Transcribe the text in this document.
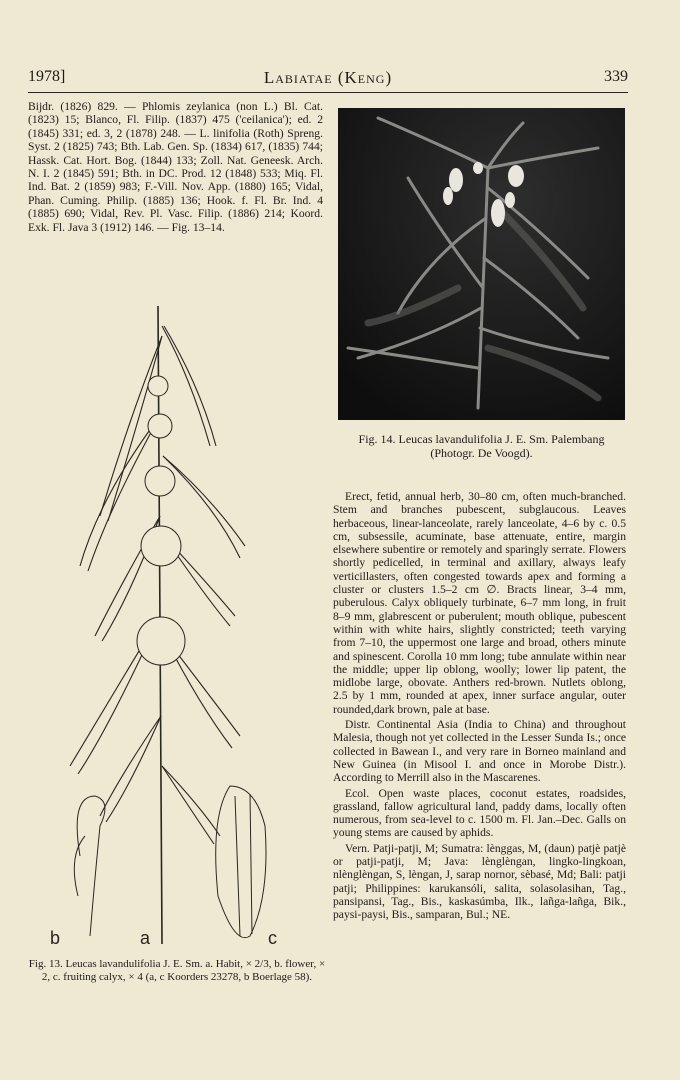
1978]	Labiatae (Keng)	339

Bijdr. (1826) 829. — Phlomis zeylanica (non L.) Bl. Cat. (1823) 15; Blanco, Fl. Filip. (1837) 475 ('ceilanica'); ed. 2 (1845) 331; ed. 3, 2 (1878) 248. — L. linifolia (Roth) Spreng. Syst. 2 (1825) 743; Bth. Lab. Gen. Sp. (1834) 617, (1835) 744; Hassk. Cat. Hort. Bog. (1844) 133; Zoll. Nat. Geneesk. Arch. N. I. 2 (1845) 591; Bth. in DC. Prod. 12 (1848) 533; Miq. Fl. Ind. Bat. 2 (1859) 983; F.-Vill. Nov. App. (1880) 165; Vidal, Phan. Cuming. Philip. (1885) 136; Hook. f. Fl. Br. Ind. 4 (1885) 690; Vidal, Rev. Pl. Vasc. Filip. (1886) 214; Koord. Exk. Fl. Java 3 (1912) 146. — Fig. 13–14.

Fig. 14. Leucas lavandulifolia J. E. Sm. Palembang (Photogr. De Voogd).

Erect, fetid, annual herb, 30–80 cm, often much-branched. Stem and branches pubescent, subglaucous. Leaves herbaceous, linear-lanceolate, rarely lanceolate, 4–6 by c. 0.5 cm, subsessile, acuminate, base attenuate, entire, margin elsewhere subentire or remotely and sparingly serrate. Flowers shortly pedicelled, in terminal and axillary, always leafy verticillasters, often congested towards apex and forming a cluster or clusters 1.5–2 cm ∅. Bracts linear, 3–4 mm, puberulous. Calyx obliquely turbinate, 6–7 mm long, in fruit 8–9 mm, glabrescent or puberulent; mouth oblique, pubescent within with white hairs, slightly constricted; teeth varying from 7–10, the uppermost one large and broad, others minute and spinescent. Corolla 10 mm long; tube annulate within near the middle; upper lip oblong, woolly; lower lip patent, the midlobe large, obovate. Anthers red-brown. Nutlets oblong, 2.5 by 1 mm, rounded at apex, inner surface angular, outer rounded,dark brown, pale at base.

Distr. Continental Asia (India to China) and throughout Malesia, though not yet collected in the Lesser Sunda Is.; once collected in Bawean I., and very rare in Borneo mainland and New Guinea (in Misool I. and once in Morobe Distr.). According to Merrill also in the Mascarenes.

Ecol. Open waste places, coconut estates, roadsides, grassland, fallow agricultural land, paddy dams, locally often numerous, from sea-level to c. 1500 m. Fl. Jan.–Dec. Galls on young stems are caused by aphids.

Vern. Patji-patji, M; Sumatra: lènggas, M, (daun) patjè patjè or patji-patji, M; Java: lènglèngan, lingko-lingkoan, nlènglèngan, S, lèngan, J, sarap nornor, sèbasé, Md; Bali: patji patji; Philippines: karukansóli, salita, solasolasihan, Tag., pansipansi, Tag., Bis., kaskasúmba, Ilk., lañga-lañga, Bik., paysi-paysi, Bis., samparan, Bul.; NE.

b	a	c
Fig. 13. Leucas lavandulifolia J. E. Sm. a. Habit, × 2/3, b. flower, × 2, c. fruiting calyx, × 4 (a, c Koorders 23278, b Boerlage 58).
